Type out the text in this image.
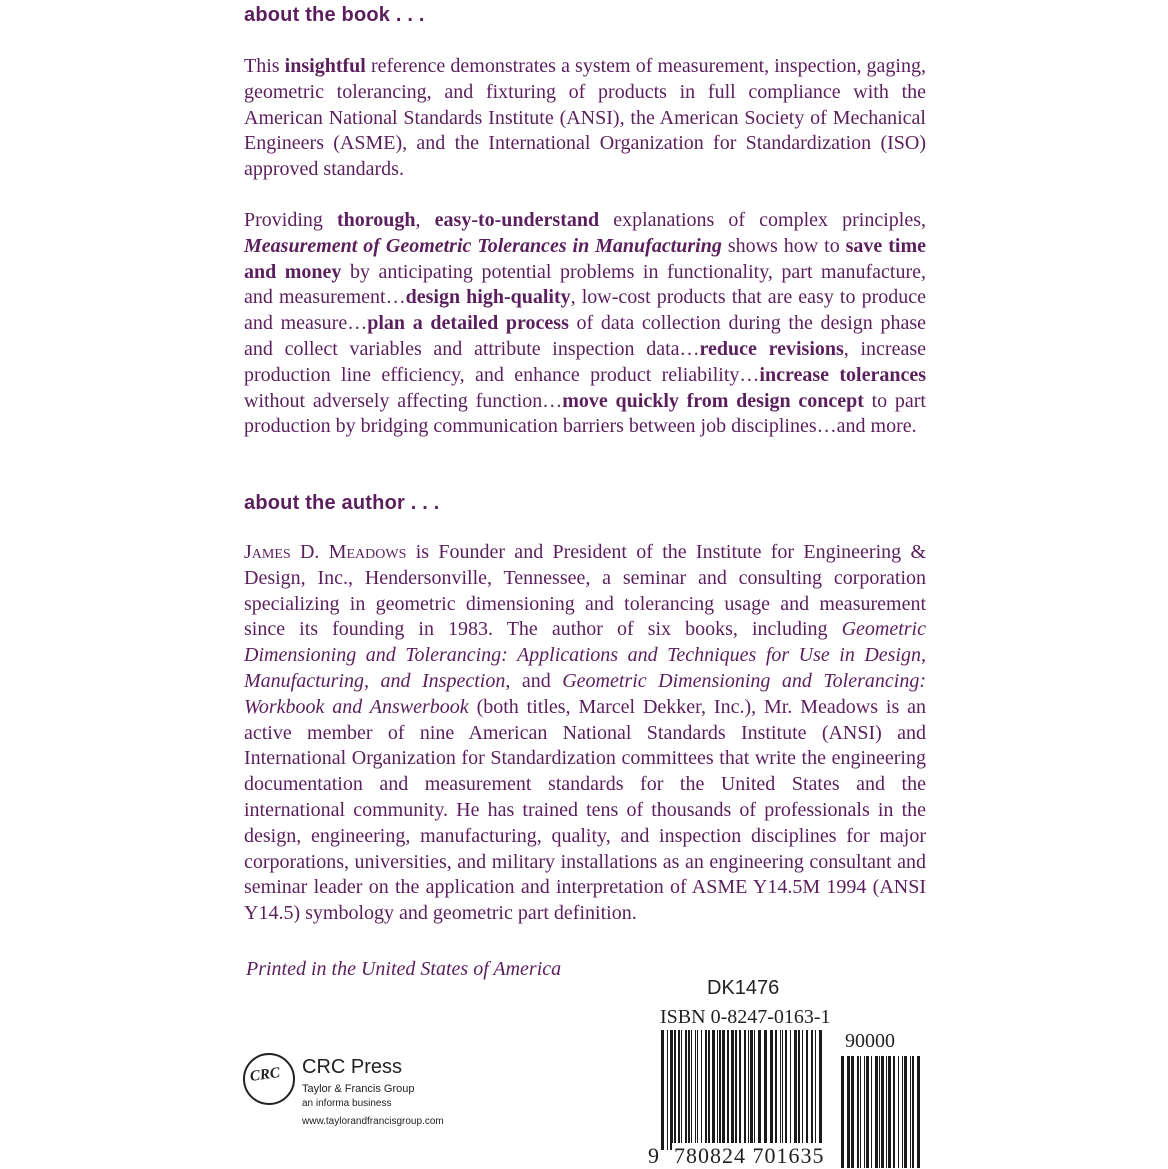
about the book . . .

This insightful reference demonstrates a system of measurement, inspection, gaging, geometric tolerancing, and fixturing of products in full compliance with the American National Standards Institute (ANSI), the American Society of Mechanical Engineers (ASME), and the International Organization for Standardization (ISO) approved standards.

Providing thorough, easy-to-understand explanations of complex principles, Measurement of Geometric Tolerances in Manufacturing shows how to save time and money by anticipating potential problems in functionality, part manufacture, and measurement…design high-quality, low-cost products that are easy to produce and measure…plan a detailed process of data collection during the design phase and collect variables and attribute inspection data…reduce revisions, increase production line efficiency, and enhance product reliability…increase tolerances without adversely affecting function…move quickly from design concept to part production by bridging communication barriers between job disciplines…and more.

about the author . . .

James D. Meadows is Founder and President of the Institute for Engineering & Design, Inc., Hendersonville, Tennessee, a seminar and consulting corporation specializing in geometric dimensioning and tolerancing usage and measurement since its founding in 1983. The author of six books, including Geometric Dimensioning and Tolerancing: Applications and Techniques for Use in Design, Manufacturing, and Inspection, and Geometric Dimensioning and Tolerancing: Workbook and Answerbook (both titles, Marcel Dekker, Inc.), Mr. Meadows is an active member of nine American National Standards Institute (ANSI) and International Organization for Standardization committees that write the engineering documentation and measurement standards for the United States and the international community. He has trained tens of thousands of professionals in the design, engineering, manufacturing, quality, and inspection disciplines for major corporations, universities, and military installations as an engineering consultant and seminar leader on the application and interpretation of ASME Y14.5M 1994 (ANSI Y14.5) symbology and geometric part definition.

Printed in the United States of America
CRC CRC Press
Taylor & Francis Group
an informa business
www.taylorandfrancisgroup.com
DK1476
ISBN 0-8247-0163-1
90000
9 780824 701635
